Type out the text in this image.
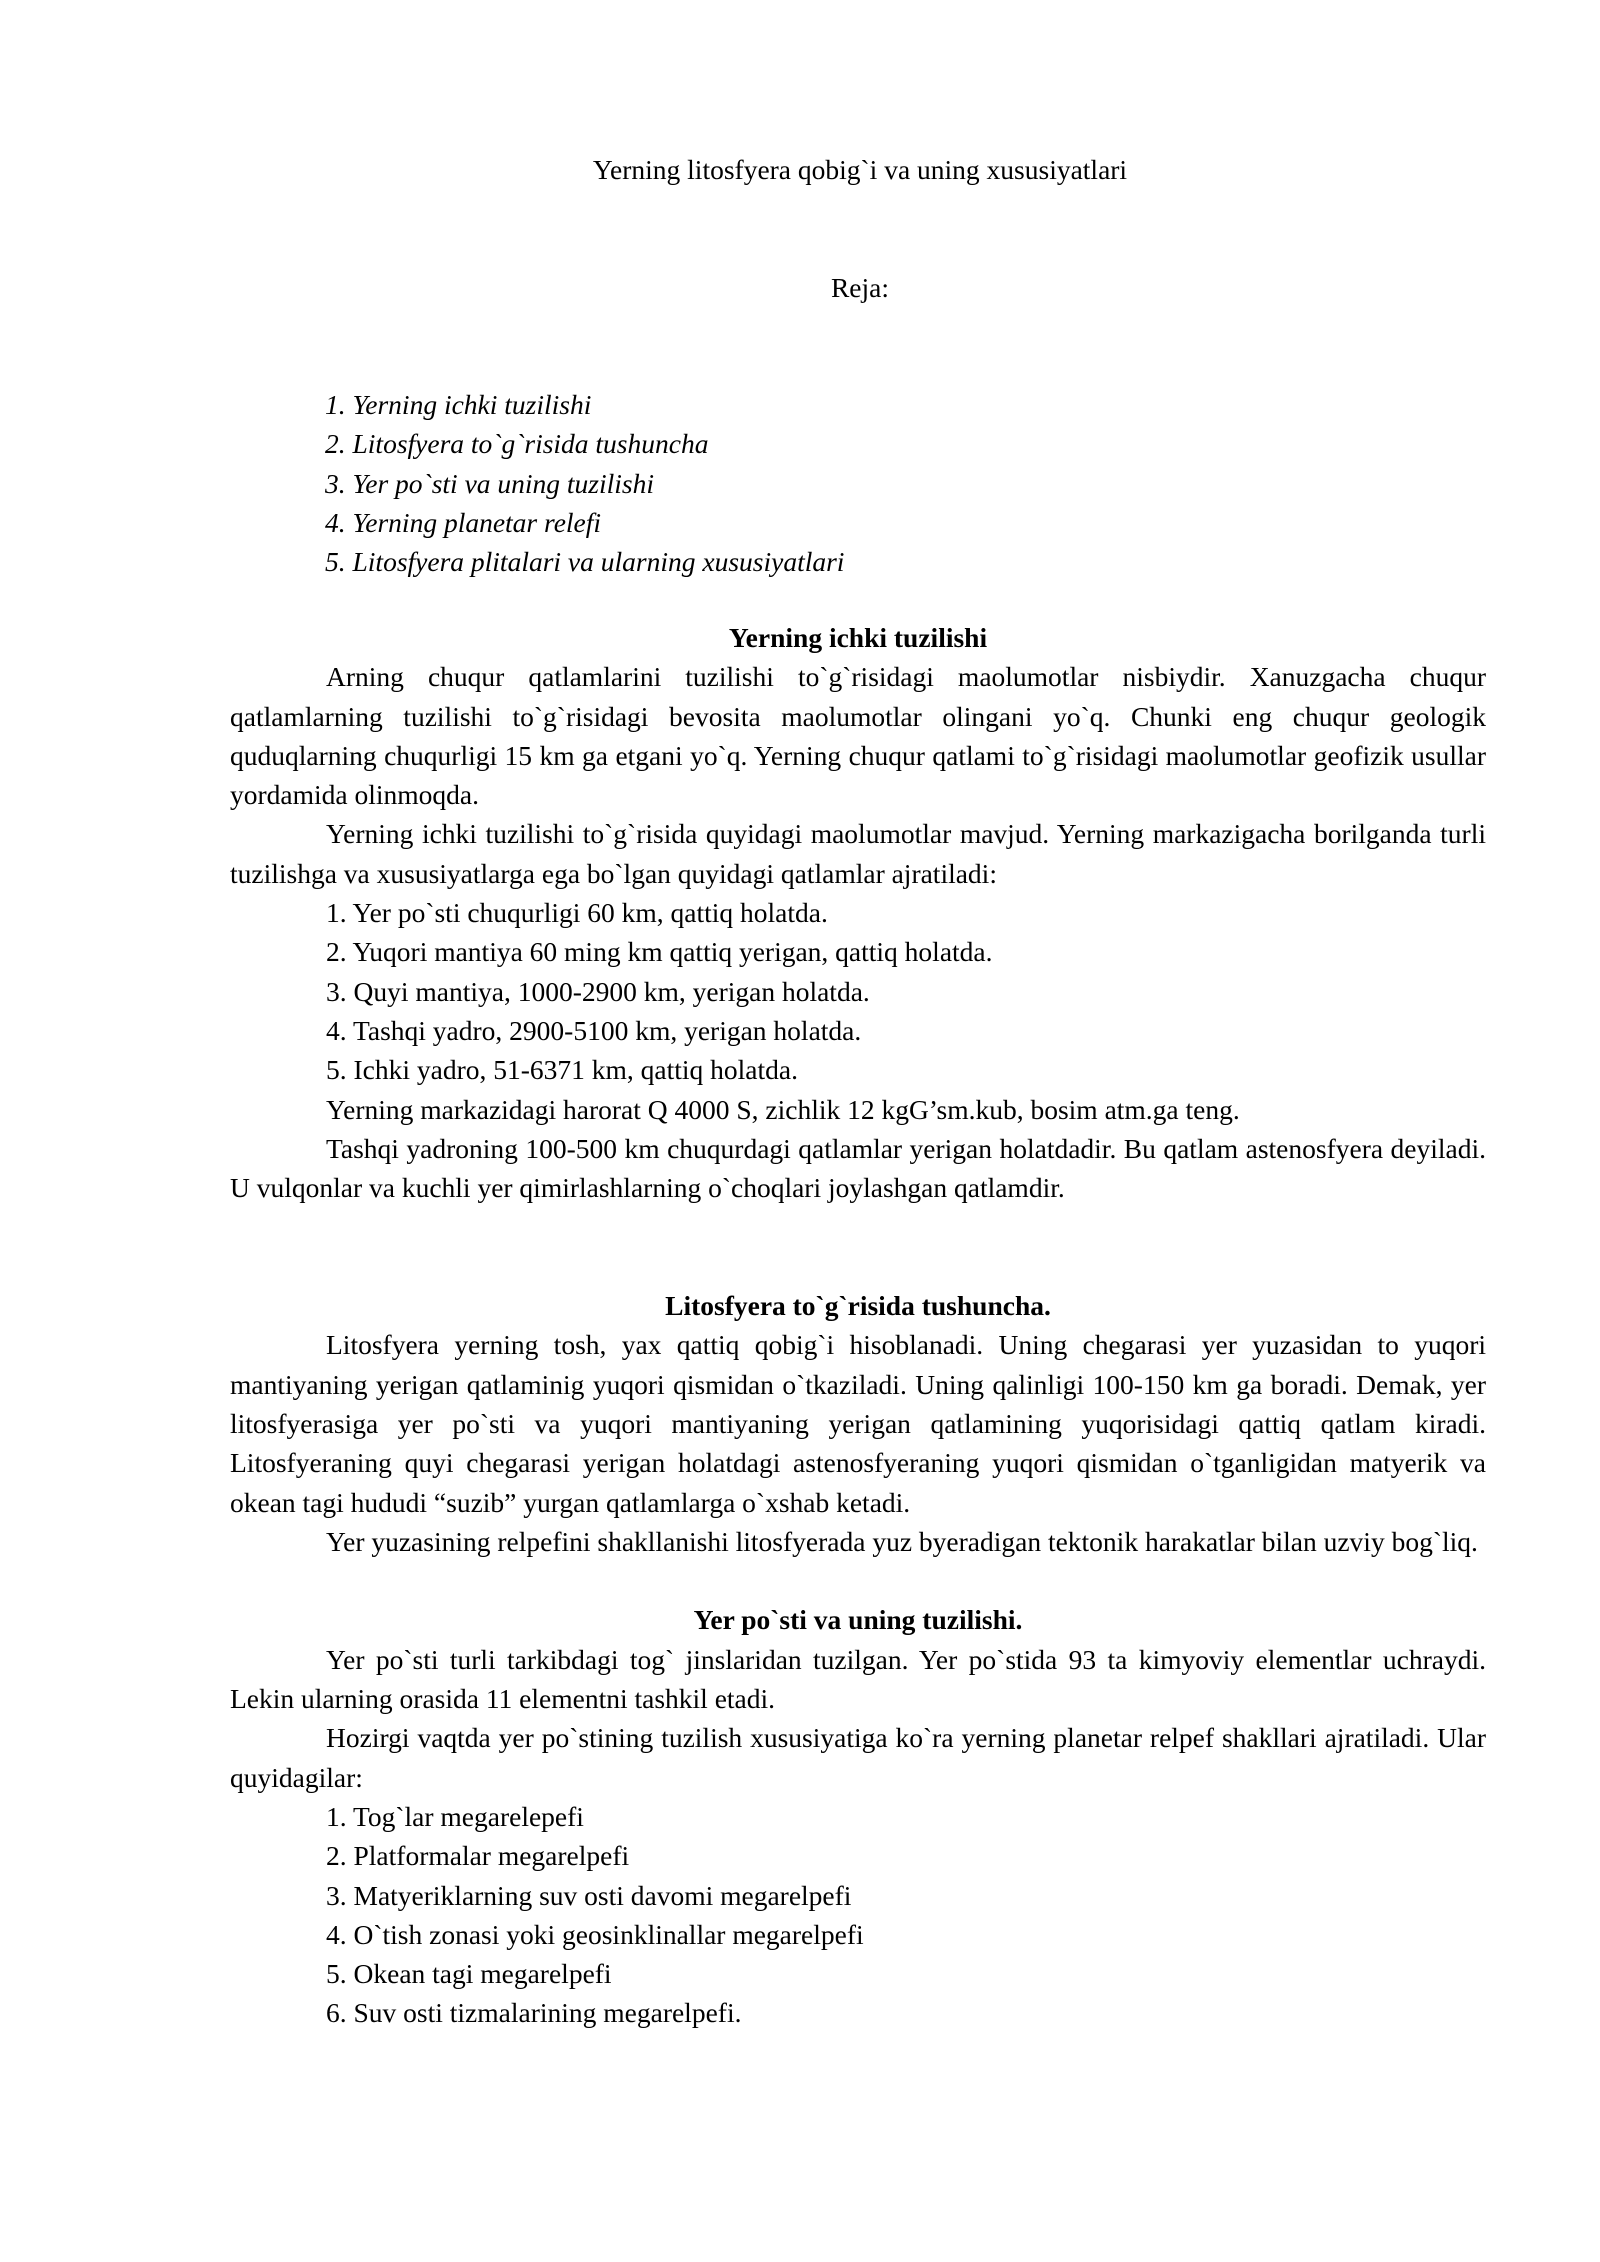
Yerning litosfyera qobig`i va uning xususiyatlari
Reja:
1. Yerning ichki tuzilishi
2. Litosfyera to`g`risida tushuncha
3. Yer po`sti va uning tuzilishi
4. Yerning planetar relefi
5. Litosfyera plitalari va ularning xususiyatlari

Yerning ichki tuzilishi

Arning chuqur qatlamlarini tuzilishi to`g`risidagi maolumotlar nisbiydir. Xanuzgacha chuqur qatlamlarning tuzilishi to`g`risidagi bevosita maolumotlar olingani yo`q. Chunki eng chuqur geologik quduqlarning chuqurligi 15 km ga etgani yo`q. Yerning chuqur qatlami to`g`risidagi maolumotlar geofizik usullar yordamida olinmoqda.

Yerning ichki tuzilishi to`g`risida quyidagi maolumotlar mavjud. Yerning markazigacha borilganda turli tuzilishga va xususiyatlarga ega bo`lgan quyidagi qatlamlar ajratiladi:

1. Yer po`sti chuqurligi 60 km, qattiq holatda.
2. Yuqori mantiya 60 ming km qattiq yerigan, qattiq holatda.
3. Quyi mantiya, 1000-2900 km, yerigan holatda.
4. Tashqi yadro, 2900-5100 km, yerigan holatda.
5. Ichki yadro, 51-6371 km, qattiq holatda.

Yerning markazidagi harorat Q 4000 S, zichlik 12 kgG’sm.kub, bosim atm.ga teng.

Tashqi yadroning 100-500 km chuqurdagi qatlamlar yerigan holatdadir. Bu qatlam astenosfyera deyiladi. U vulqonlar va kuchli yer qimirlashlarning o`choqlari joylashgan qatlamdir.

Litosfyera to`g`risida tushuncha.

Litosfyera yerning tosh, yax qattiq qobig`i hisoblanadi. Uning chegarasi yer yuzasidan to yuqori mantiyaning yerigan qatlaminig yuqori qismidan o`tkaziladi. Uning qalinligi 100-150 km ga boradi. Demak, yer litosfyerasiga yer po`sti va yuqori mantiyaning yerigan qatlamining yuqorisidagi qattiq qatlam kiradi. Litosfyeraning quyi chegarasi yerigan holatdagi astenosfyeraning yuqori qismidan o`tganligidan matyerik va okean tagi hududi “suzib” yurgan qatlamlarga o`xshab ketadi.

Yer yuzasining relpefini shakllanishi litosfyerada yuz byeradigan tektonik harakatlar bilan uzviy bog`liq.

Yer po`sti va uning tuzilishi.

Yer po`sti turli tarkibdagi tog` jinslaridan tuzilgan. Yer po`stida 93 ta kimyoviy elementlar uchraydi. Lekin ularning orasida 11 elementni tashkil etadi.

Hozirgi vaqtda yer po`stining tuzilish xususiyatiga ko`ra yerning planetar relpef shakllari ajratiladi. Ular quyidagilar:

1. Tog`lar megarelepefi
2. Platformalar megarelpefi
3. Matyeriklarning suv osti davomi megarelpefi
4. O`tish zonasi yoki geosinklinallar megarelpefi
5. Okean tagi megarelpefi
6. Suv osti tizmalarining megarelpefi.
